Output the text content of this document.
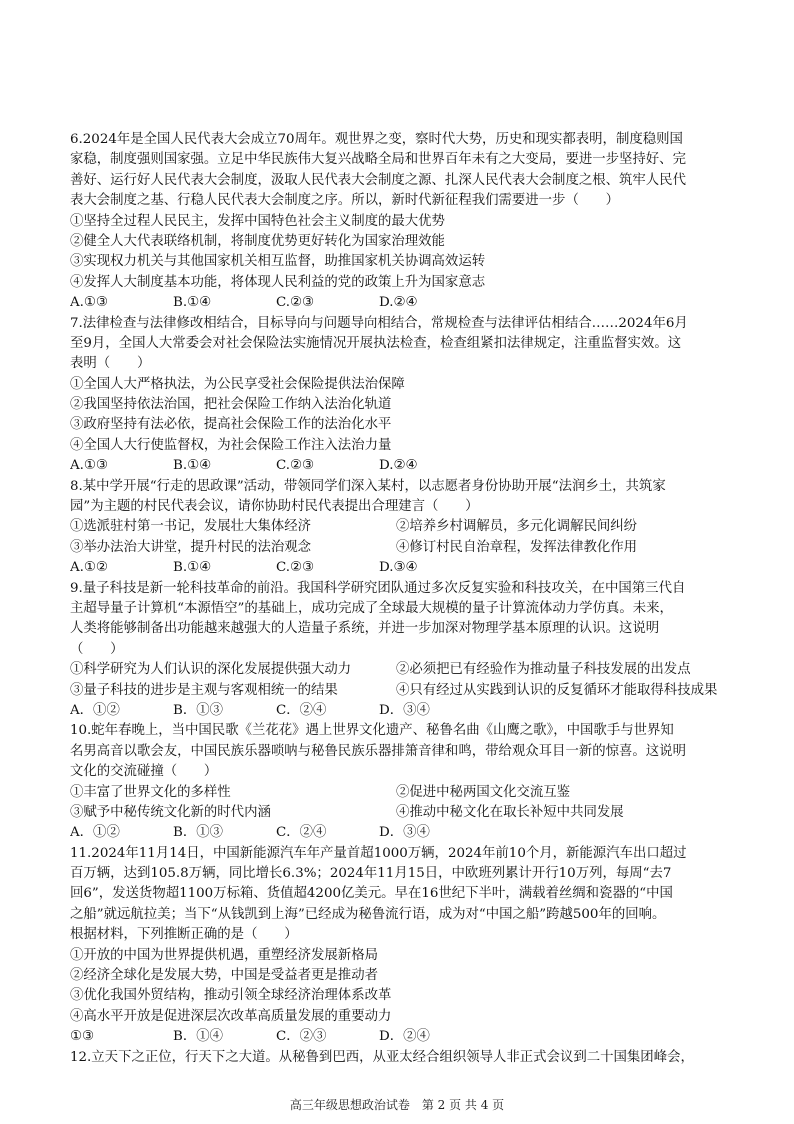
6.2024年是全国人民代表大会成立70周年。观世界之变，察时代大势，历史和现实都表明，制度稳则国
家稳，制度强则国家强。立足中华民族伟大复兴战略全局和世界百年未有之大变局，要进一步坚持好、完
善好、运行好人民代表大会制度，汲取人民代表大会制度之源、扎深人民代表大会制度之根、筑牢人民代
表大会制度之基、行稳人民代表大会制度之序。所以，新时代新征程我们需要进一步（　　）
①坚持全过程人民民主，发挥中国特色社会主义制度的最大优势
②健全人大代表联络机制，将制度优势更好转化为国家治理效能
③实现权力机关与其他国家机关相互监督，助推国家机关协调高效运转
④发挥人大制度基本功能，将体现人民利益的党的政策上升为国家意志
A.①③	B.①④	C.②③	D.②④
7.法律检查与法律修改相结合，目标导向与问题导向相结合，常规检查与法律评估相结合……2024年6月
至9月，全国人大常委会对社会保险法实施情况开展执法检查，检查组紧扣法律规定，注重监督实效。这
表明（　　）
①全国人大严格执法，为公民享受社会保险提供法治保障
②我国坚持依法治国，把社会保险工作纳入法治化轨道
③政府坚持有法必依，提高社会保险工作的法治化水平
④全国人大行使监督权，为社会保险工作注入法治力量
A.①③	B.①④	C.②③	D.②④
8.某中学开展“行走的思政课”活动，带领同学们深入某村，以志愿者身份协助开展“法润乡土，共筑家
园”为主题的村民代表会议，请你协助村民代表提出合理建言（　　）
①选派驻村第一书记，发展壮大集体经济	②培养乡村调解员，多元化调解民间纠纷
③举办法治大讲堂，提升村民的法治观念	④修订村民自治章程，发挥法律教化作用
A.①②	B.①④	C.②③	D.③④
9.量子科技是新一轮科技革命的前沿。我国科学研究团队通过多次反复实验和科技攻关，在中国第三代自
主超导量子计算机“本源悟空”的基础上，成功完成了全球最大规模的量子计算流体动力学仿真。未来，
人类将能够制备出功能越来越强大的人造量子系统，并进一步加深对物理学基本原理的认识。这说明
（　　）
①科学研究为人们认识的深化发展提供强大动力	②必须把已有经验作为推动量子科技发展的出发点
③量子科技的进步是主观与客观相统一的结果	④只有经过从实践到认识的反复循环才能取得科技成果
A．①②	B．①③	C．②④	D．③④
10.蛇年春晚上，当中国民歌《兰花花》遇上世界文化遗产、秘鲁名曲《山鹰之歌》，中国歌手与世界知
名男高音以歌会友，中国民族乐器唢呐与秘鲁民族乐器排箫音律和鸣，带给观众耳目一新的惊喜。这说明
文化的交流碰撞（　　）
①丰富了世界文化的多样性	②促进中秘两国文化交流互鉴
③赋予中秘传统文化新的时代内涵	④推动中秘文化在取长补短中共同发展
A．①②	B．①③	C．②④	D．③④
11.2024年11月14日，中国新能源汽车年产量首超1000万辆，2024年前10个月，新能源汽车出口超过
百万辆，达到105.8万辆，同比增长6.3%；2024年11月15日，中欧班列累计开行10万列，每周“去7
回6”，发送货物超1100万标箱、货值超4200亿美元。早在16世纪下半叶，满载着丝绸和瓷器的“中国
之船”就远航拉美；当下“从钱凯到上海”已经成为秘鲁流行语，成为对“中国之船”跨越500年的回响。
根据材料，下列推断正确的是（　　）
①开放的中国为世界提供机遇，重塑经济发展新格局
②经济全球化是发展大势，中国是受益者更是推动者
③优化我国外贸结构，推动引领全球经济治理体系改革
④高水平开放是促进深层次改革高质量发展的重要动力
①③	B．①④	C．②③	D．②④
12.立天下之正位，行天下之大道。从秘鲁到巴西，从亚太经合组织领导人非正式会议到二十国集团峰会，
高三年级思想政治试卷　第 2 页 共 4 页
